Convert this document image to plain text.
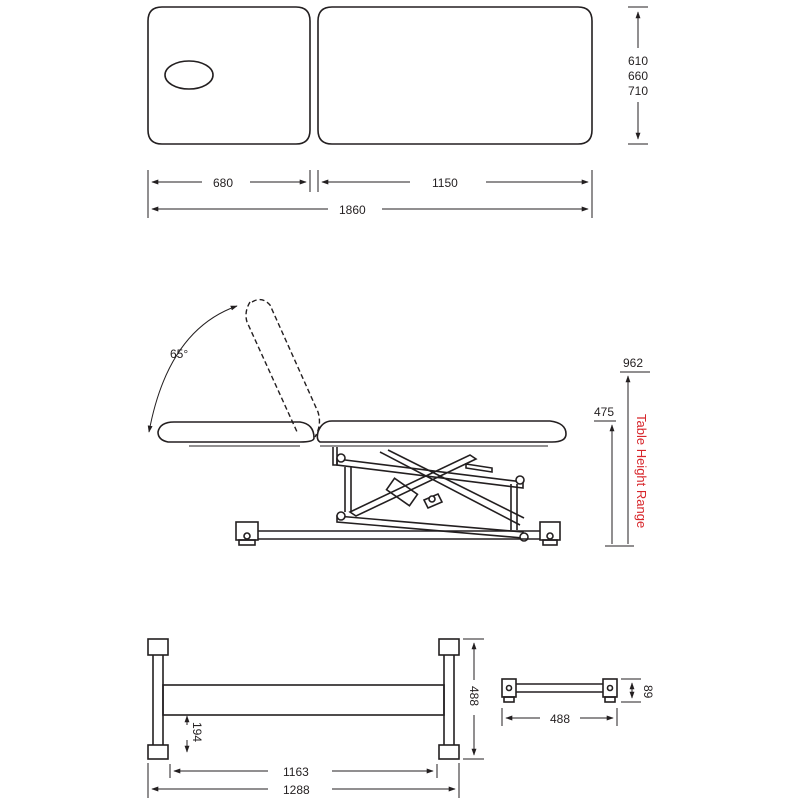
610
660
710
680	1150
1860
65°
475
962
Table Height Range
194
488
1163
1288
89
488
